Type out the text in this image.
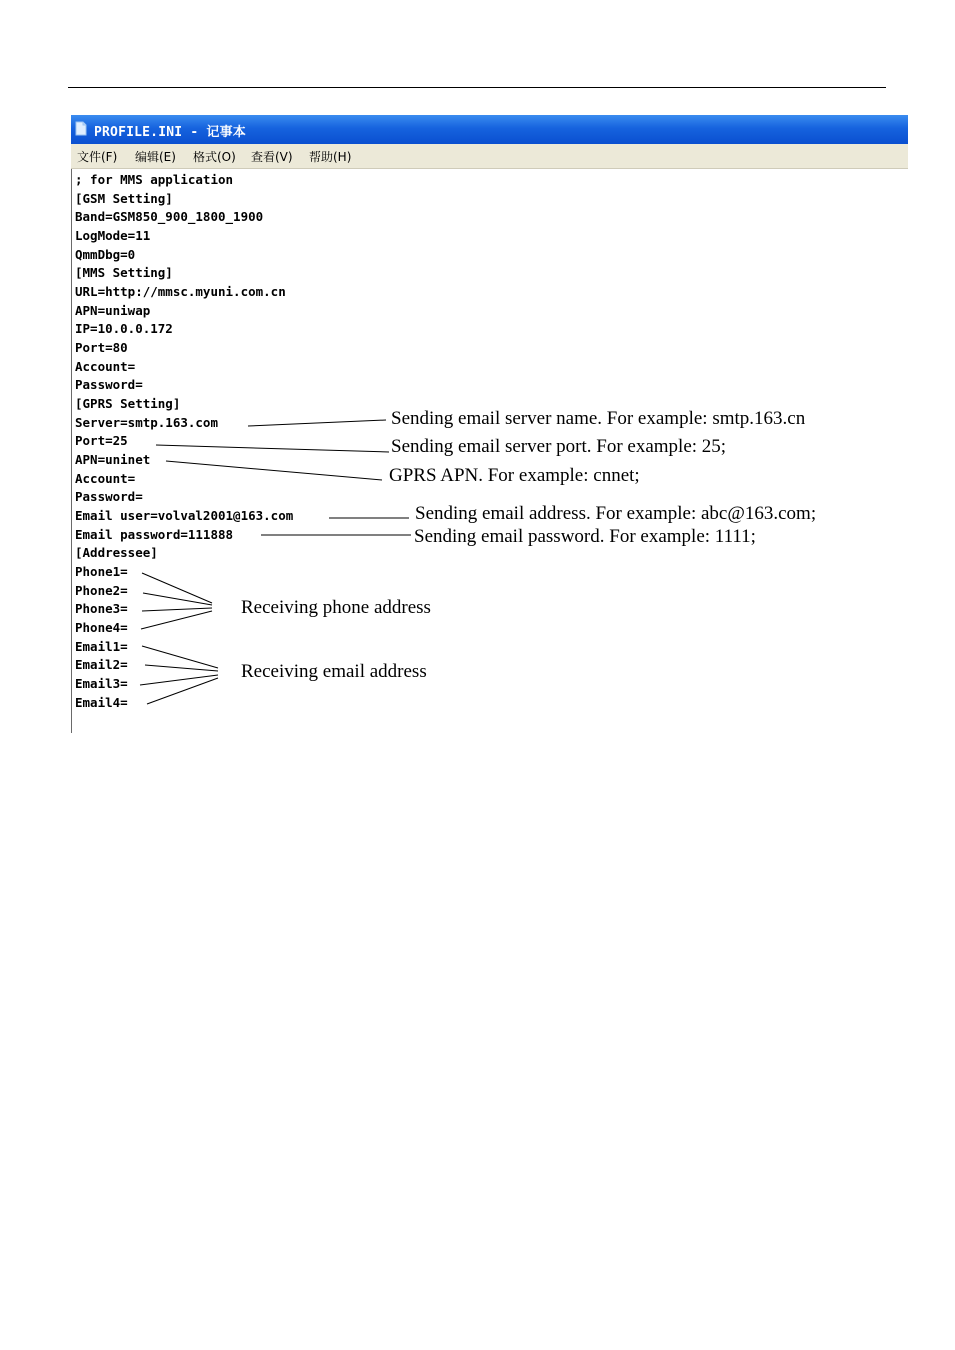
PROFILE.INI - 记事本
文件(F) 编辑(E) 格式(O) 查看(V) 帮助(H)
; for MMS application
[GSM Setting]
Band=GSM850_900_1800_1900
LogMode=11
QmmDbg=0
[MMS Setting]
URL=http://mmsc.myuni.com.cn
APN=uniwap
IP=10.0.0.172
Port=80
Account=
Password=
[GPRS Setting]
Server=smtp.163.com
Port=25
APN=uninet
Account=
Password=
Email user=volval2001@163.com
Email password=111888
[Addressee]
Phone1=
Phone2=
Phone3=
Phone4=
Email1=
Email2=
Email3=
Email4=
Sending email server name. For example: smtp.163.cn
Sending email server port. For example: 25;
GPRS APN. For example: cnnet;
Sending email address. For example: abc@163.com;
Sending email password. For example: 1111;
Receiving phone address
Receiving email address
